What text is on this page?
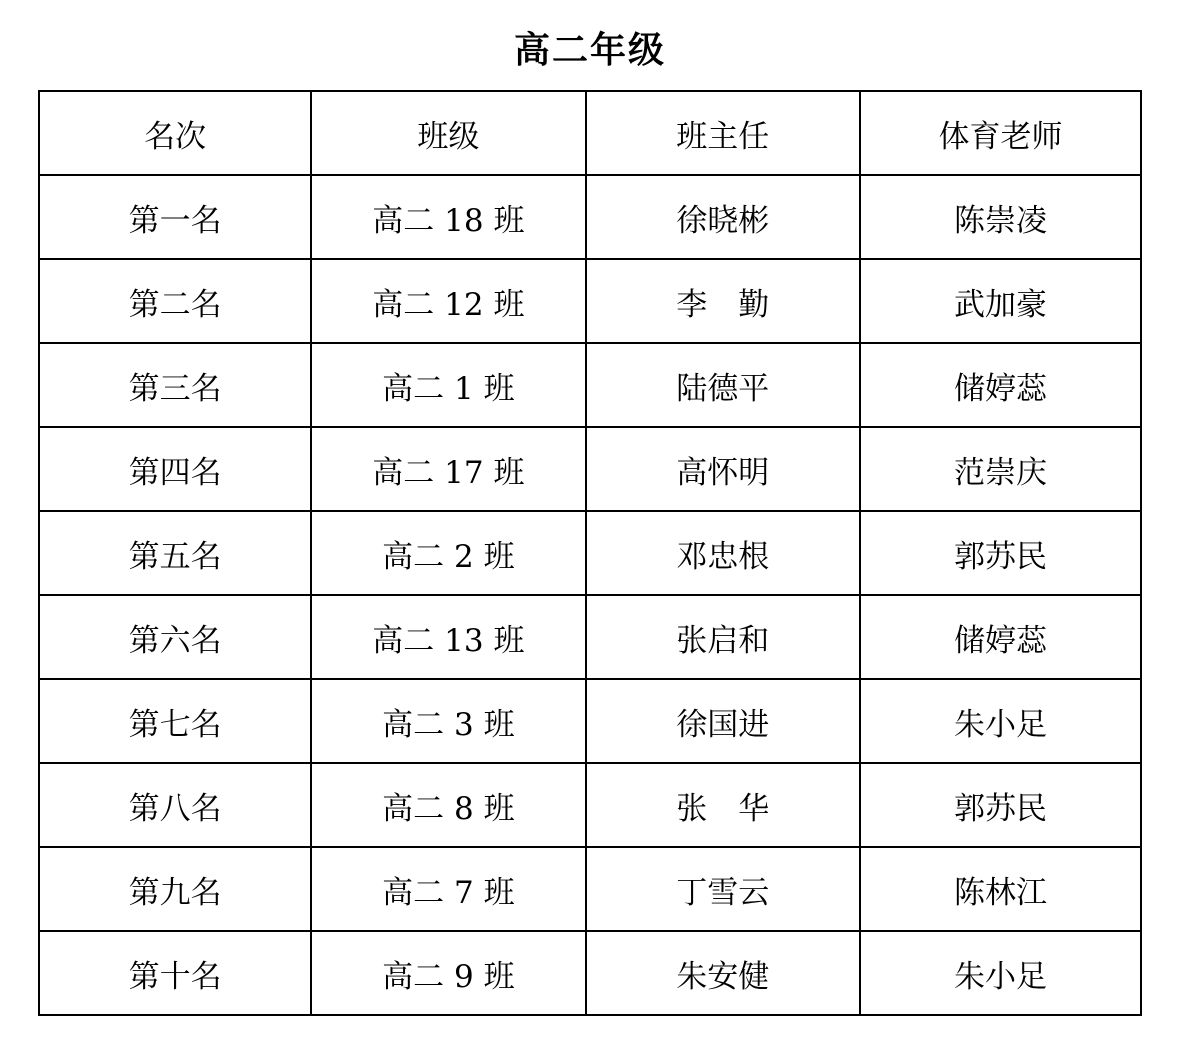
高二年级
名次	班级	班主任	体育老师
第一名	高二 18 班	徐晓彬	陈崇凌
第二名	高二 12 班	李　勤	武加豪
第三名	高二 1 班	陆德平	储婷蕊
第四名	高二 17 班	高怀明	范崇庆
第五名	高二 2 班	邓忠根	郭苏民
第六名	高二 13 班	张启和	储婷蕊
第七名	高二 3 班	徐国进	朱小足
第八名	高二 8 班	张　华	郭苏民
第九名	高二 7 班	丁雪云	陈林江
第十名	高二 9 班	朱安健	朱小足
